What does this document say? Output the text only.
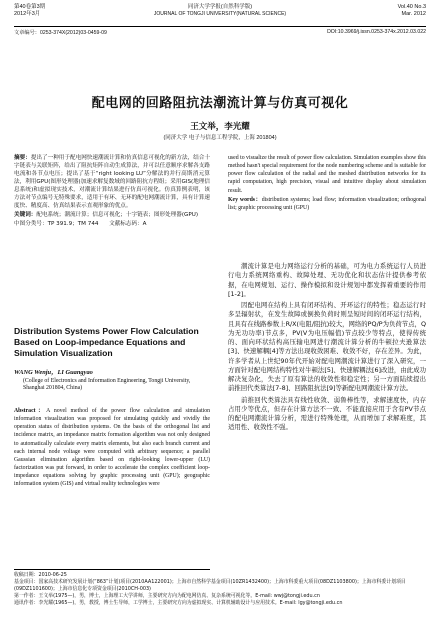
第40卷第3期
2012年3月
同济大学学报(自然科学版)
JOURNAL OF TONGJI UNIVERSITY(NATURAL SCIENCE)
Vol.40 No.3
Mar. 2012
文章编号：0253-374X(2012)03-0459-09	DOI:10.3969/j.issn.0253-374x.2012.03.022
配电网的回路阻抗法潮流计算与仿真可视化
王文举，李光耀
(同济大学 电子与信息工程学院，上海 201804)

摘要：提出了一种用于配电网快速潮流计算和仿真信息可视化的新方法，结合十字链表与关联矩阵，给出了阻抗矩阵自动生成算法，并可以任意顺序求解各支路电流和各节点电压；提出了基于“right looking LU”分解法的并行高斯消元算法，利用GPU(图形处理器)加速求解复数域的回路阻抗方程组；采用GIS(地理信息系统)和虚拟现实技术，对潮流计算结果进行仿真可视化。仿真算例表明，该方法对节点编号无特殊要求，适用于有环、无环的配电网潮流计算，具有计算速度快、精度高、仿真结果表示直观形象的优点。

关键词：配电系统；潮流计算；信息可视化；十字链表；图形处理器(GPU)

中图分类号：TP 391.9；TM 744 文献标志码：A

Distribution Systems Power Flow Calculation Based on Loop-impedance Equations and Simulation Visualization

WANG Wenju，LI Guangyao

(College of Electronics and Information Engineering, Tongji University, Shanghai 201804, China)

Abstract：A novel method of the power flow calculation and simulation information visualization was proposed for simulating quickly and vividly the operation status of distribution systems. On the basis of the orthogonal list and incidence matrix, an impedance matrix formation algorithm was not only designed to automatically calculate every matrix elements, but also each branch current and each internal node voltage were computed with arbitrary sequence; a parallel Gaussian elimination algorithm based on right-looking lower-upper (LU) factorization was put forward, in order to accelerate the complex coefficient loop-impedance equations solving by graphic processing unit (GPU); geographic information system (GIS) and virtual reality technologies were

used to visualize the result of power flow calculation. Simulation examples show this method hasn't special requirement for the node numbering scheme and is suitable for power flow calculation of the radial and the meshed distribution networks for its rapid computation, high precision, visual and intuitive display about simulation result.

Key words：distribution systems; load flow; information visualization; orthogonal list; graphic processing unit (GPU)

潮流计算是电力网络运行分析的基础，可为电力系统运行人员进行电力系统网络重构、故障处理、无功优化和状态估计提供参考依据，在电网规划、运行、操作模拟和设计规划中都发挥着重要的作用[1-2]。

因配电网在结构上具有闭环结构、开环运行的特性；稳态运行时多呈辐射状，在发生故障或倒换负荷时则呈短时间的闭环运行结构，且具有在线路参数上R/X(电阻/阻抗)较大，网络的PQ/P为负荷节点，Q为无功功率)节点多，PV(V为电压幅值)节点较少等特点，使得传统的、面向环状结构高压输电网进行潮流计算分析的牛顿拉夫逊算法[3]、快速解耦[4]等方法出现收敛困难、收敛不好，存在差异。为此，许多学者从上世纪90年代开始对配电网潮流计算进行了深入研究，一方面针对配电网结构特性对牛顿法[5]、快速解耦法[6]改进，由此成功解决复杂化，失去了原有算法的收敛性和稳定性；另一方面陆续提出前推回代类算法[7-8]、回路阻抗法[9]等新配电网潮流计算方法。

前推回代类算法具有线性收敛、弱鲁棒性等，求解速度快，内存占用少等优点，但存在计算方法不一致、不能直接应用于含有PV节点的配电网潮流计算分析，需进行特殊处理，从而增加了求解难度，其适用性、收敛性不强。

收稿日期：2010-06-25
基金项目：国家高技术研究发展计划(“863”计划)项目(2010AA122001)；上海市自然科学基金项目(10ZR1432400)；上海市科委重大项目(08DZ1103800)；上海市科委计划项目(09DZ1101600)；上海市信息化专项资金项目(2010CH-003)
第一作者：王文举(1975—)，男，博士，上海理工大学讲师，主要研究方向为配电网仿真、复杂系统可视化等。E-mail: wwj@tongji.edu.cn
通讯作者：李光耀(1965—)，男，教授，博士生导师，工学博士，主要研究方向为虚拟现实、计算机辅助设计与应用技术。E-mail: lgy@tongji.edu.cn
